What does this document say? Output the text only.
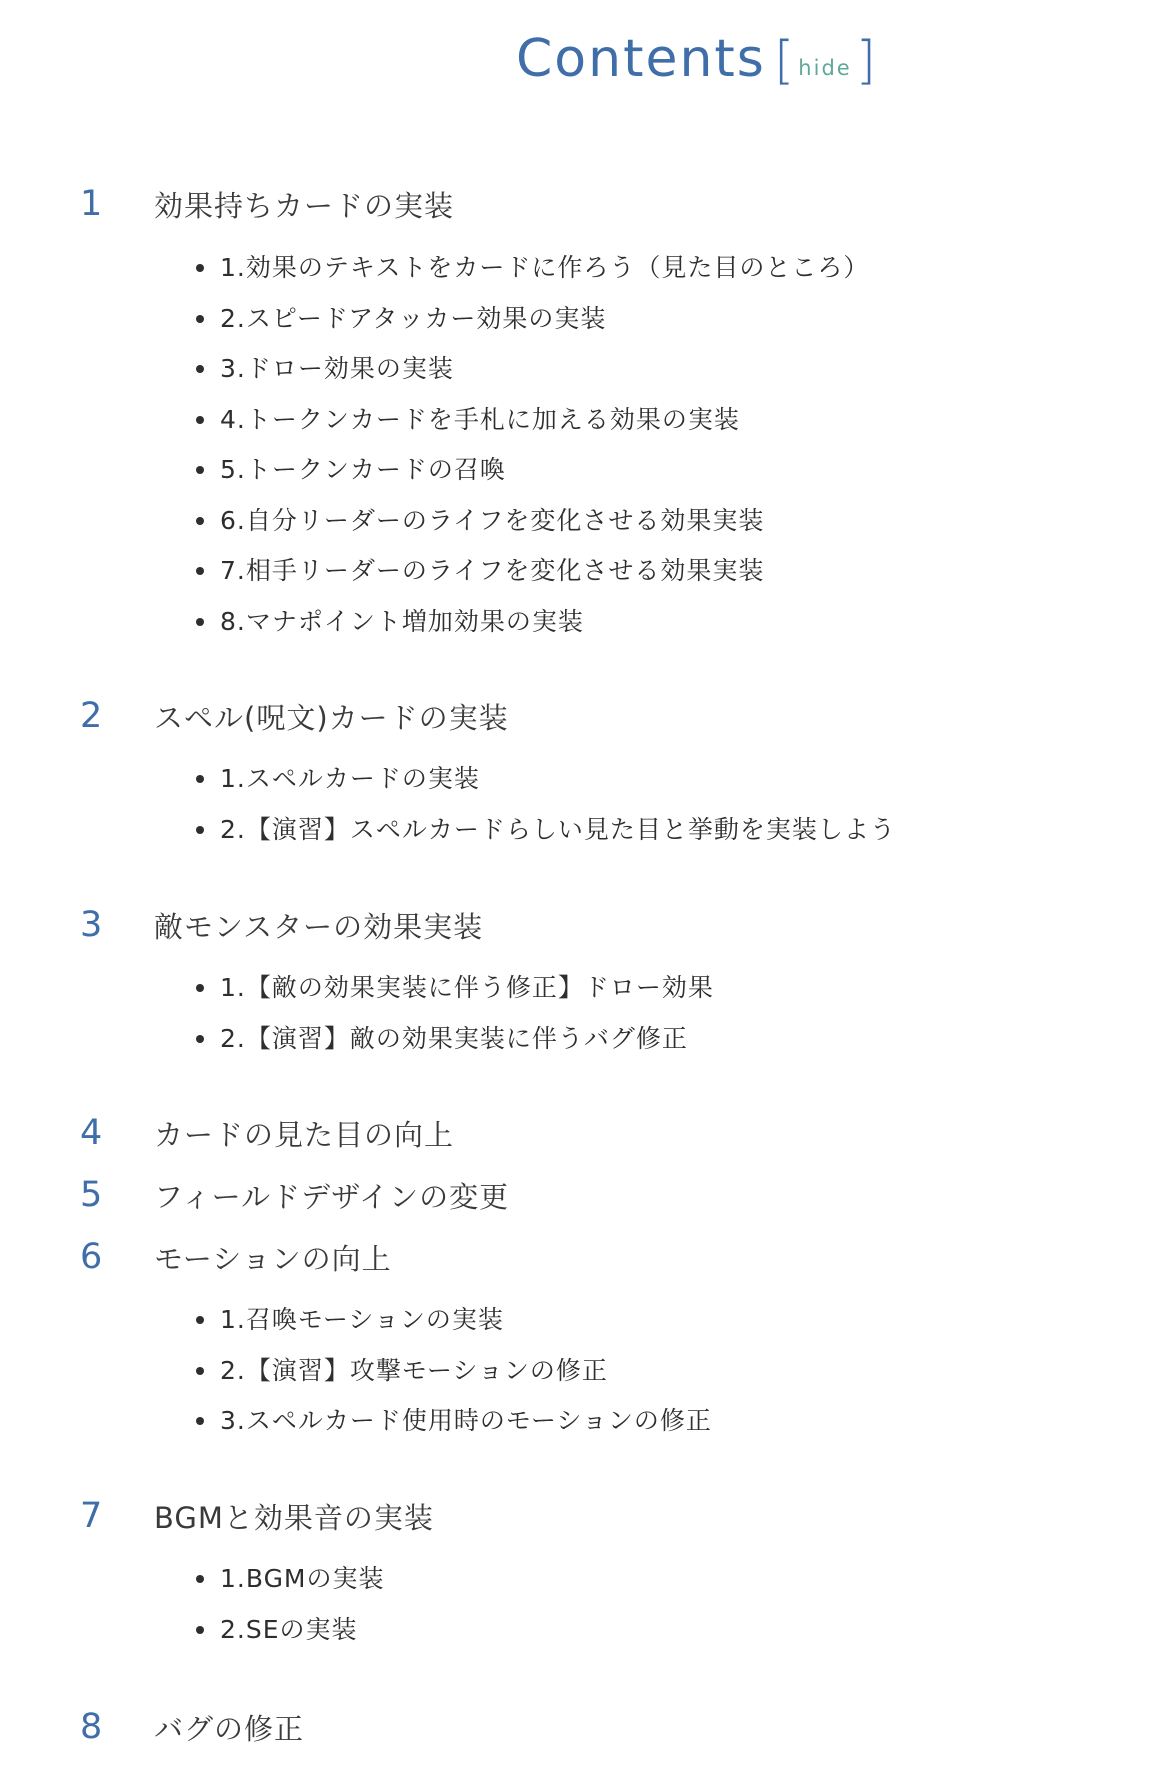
Contents [ hide ]
1	効果持ちカードの実装
1.効果のテキストをカードに作ろう（見た目のところ）
2.スピードアタッカー効果の実装
3.ドロー効果の実装
4.トークンカードを手札に加える効果の実装
5.トークンカードの召喚
6.自分リーダーのライフを変化させる効果実装
7.相手リーダーのライフを変化させる効果実装
8.マナポイント増加効果の実装
2	スペル(呪文)カードの実装
1.スペルカードの実装
2.【演習】スペルカードらしい見た目と挙動を実装しよう
3	敵モンスターの効果実装
1.【敵の効果実装に伴う修正】ドロー効果
2.【演習】敵の効果実装に伴うバグ修正
4	カードの見た目の向上
5	フィールドデザインの変更
6	モーションの向上
1.召喚モーションの実装
2.【演習】攻撃モーションの修正
3.スペルカード使用時のモーションの修正
7	BGMと効果音の実装
1.BGMの実装
2.SEの実装
8	バグの修正
